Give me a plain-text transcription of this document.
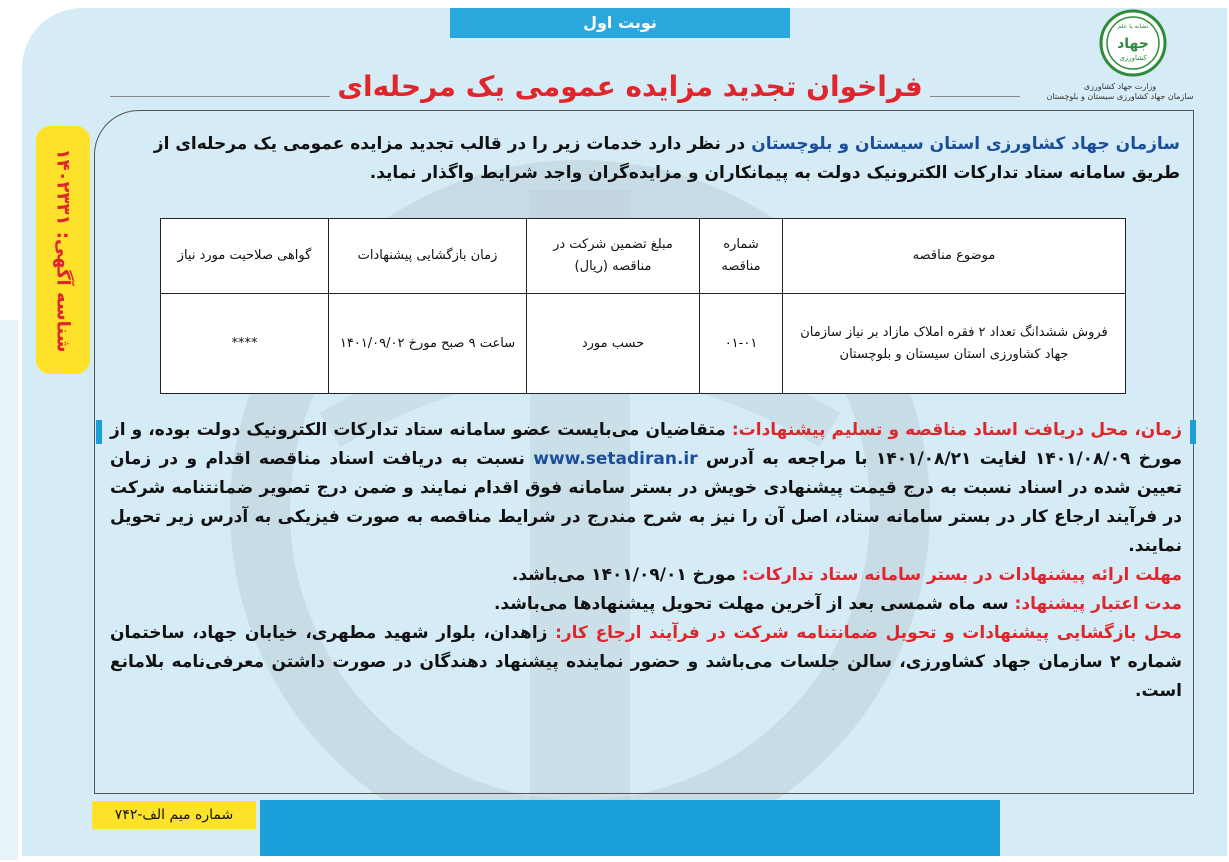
نوبت اول	نشانه یا علم
جهاد
کشاورزی
وزارت جهاد کشاورزی
سازمان جهاد کشاورزی سیستان و بلوچستان
فراخوان تجدید مزایده عمومی یک مرحله‌ای
شناسه آگهی: ۱۴۰۲۳۳۱
سازمان جهاد کشاورزی استان سیستان و بلوچستان در نظر دارد خدمات زیر را در قالب تجدید مزایده عمومی یک مرحله‌ای از طریق سامانه ستاد تدارکات الکترونیک دولت به پیمانکاران و مزایده‌گران واجد شرایط واگذار نماید.
موضوع مناقصه	شماره مناقصه	مبلغ تضمین شرکت در مناقصه (ریال)	زمان بازگشایی پیشنهادات	گواهی صلاحیت مورد نیاز
فروش ششدانگ تعداد ۲ فقره املاک مازاد بر نیاز سازمان جهاد کشاورزی استان سیستان و بلوچستان	۰۱-۰۱	حسب مورد	ساعت ۹ صبح مورخ ۱۴۰۱/۰۹/۰۲	****

زمان، محل دریافت اسناد مناقصه و تسلیم پیشنهادات: متقاضیان می‌بایست عضو سامانه ستاد تدارکات الکترونیک دولت بوده، و از مورخ ۱۴۰۱/۰۸/۰۹ لغایت ۱۴۰۱/۰۸/۲۱ با مراجعه به آدرس www.setadiran.ir نسبت به دریافت اسناد مناقصه اقدام و در زمان تعیین شده در اسناد نسبت به درج قیمت پیشنهادی خویش در بستر سامانه فوق اقدام نمایند و ضمن درج تصویر ضمانتنامه شرکت در فرآیند ارجاع کار در بستر سامانه ستاد، اصل آن را نیز به شرح مندرج در شرایط مناقصه به صورت فیزیکی به آدرس زیر تحویل نمایند.

مهلت ارائه پیشنهادات در بستر سامانه ستاد تدارکات: مورخ ۱۴۰۱/۰۹/۰۱ می‌باشد.

مدت اعتبار پیشنهاد: سه ماه شمسی بعد از آخرین مهلت تحویل پیشنهادها می‌باشد.

محل بازگشایی پیشنهادات و تحویل ضمانتنامه شرکت در فرآیند ارجاع کار: زاهدان، بلوار شهید مطهری، خیابان جهاد، ساختمان شماره ۲ سازمان جهاد کشاورزی، سالن جلسات می‌باشد و حضور نماینده پیشنهاد دهندگان در صورت داشتن معرفی‌نامه بلامانع است.

شماره میم الف-۷۴۲
